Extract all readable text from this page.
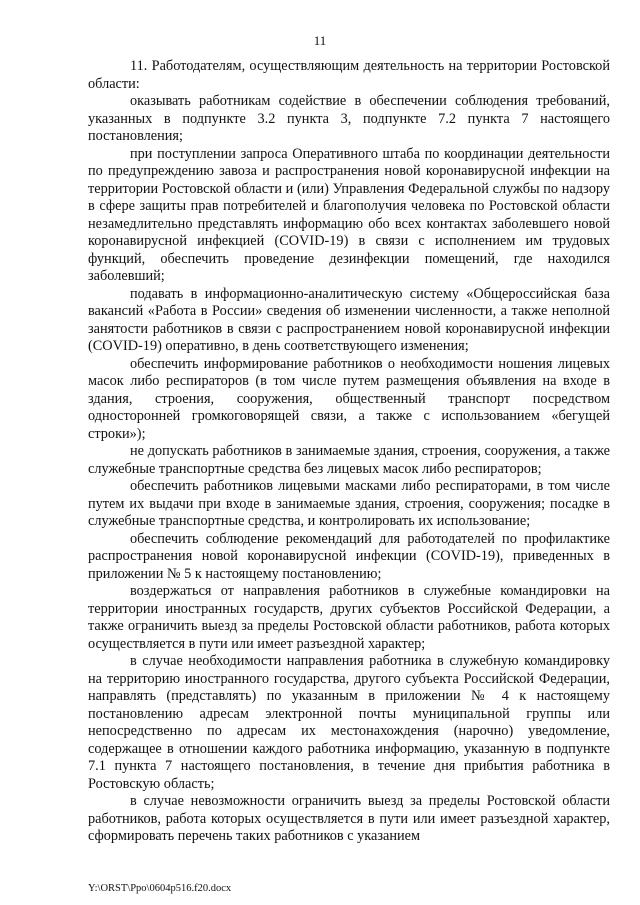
11

11. Работодателям, осуществляющим деятельность на территории Ростовской области:

оказывать работникам содействие в обеспечении соблюдения требований, указанных в подпункте 3.2 пункта 3, подпункте 7.2 пункта 7 настоящего постановления;

при поступлении запроса Оперативного штаба по координации деятельности по предупреждению завоза и распространения новой коронавирусной инфекции на территории Ростовской области и (или) Управления Федеральной службы по надзору в сфере защиты прав потребителей и благополучия человека по Ростовской области незамедлительно представлять информацию обо всех контактах заболевшего новой коронавирусной инфекцией (COVID-19) в связи с исполнением им трудовых функций, обеспечить проведение дезинфекции помещений, где находился заболевший;

подавать в информационно-аналитическую систему «Общероссийская база вакансий «Работа в России» сведения об изменении численности, а также неполной занятости работников в связи с распространением новой коронавирусной инфекции (COVID-19) оперативно, в день соответствующего изменения;

обеспечить информирование работников о необходимости ношения лицевых масок либо респираторов (в том числе путем размещения объявления на входе в здания, строения, сооружения, общественный транспорт посредством односторонней громкоговорящей связи, а также с использованием «бегущей строки»);

не допускать работников в занимаемые здания, строения, сооружения, а также служебные транспортные средства без лицевых масок либо респираторов;

обеспечить работников лицевыми масками либо респираторами, в том числе путем их выдачи при входе в занимаемые здания, строения, сооружения; посадке в служебные транспортные средства, и контролировать их использование;

обеспечить соблюдение рекомендаций для работодателей по профилактике распространения новой коронавирусной инфекции (COVID-19), приведенных в приложении № 5 к настоящему постановлению;

воздержаться от направления работников в служебные командировки на территории иностранных государств, других субъектов Российской Федерации, а также ограничить выезд за пределы Ростовской области работников, работа которых осуществляется в пути или имеет разъездной характер;

в случае необходимости направления работника в служебную командировку на территорию иностранного государства, другого субъекта Российской Федерации, направлять (представлять) по указанным в приложении № 4 к настоящему постановлению адресам электронной почты муниципальной группы или непосредственно по адресам их местонахождения (нарочно) уведомление, содержащее в отношении каждого работника информацию, указанную в подпункте 7.1 пункта 7 настоящего постановления, в течение дня прибытия работника в Ростовскую область;

в случае невозможности ограничить выезд за пределы Ростовской области работников, работа которых осуществляется в пути или имеет разъездной характер, сформировать перечень таких работников с указанием

Y:\ORST\Ppo\0604p516.f20.docx
